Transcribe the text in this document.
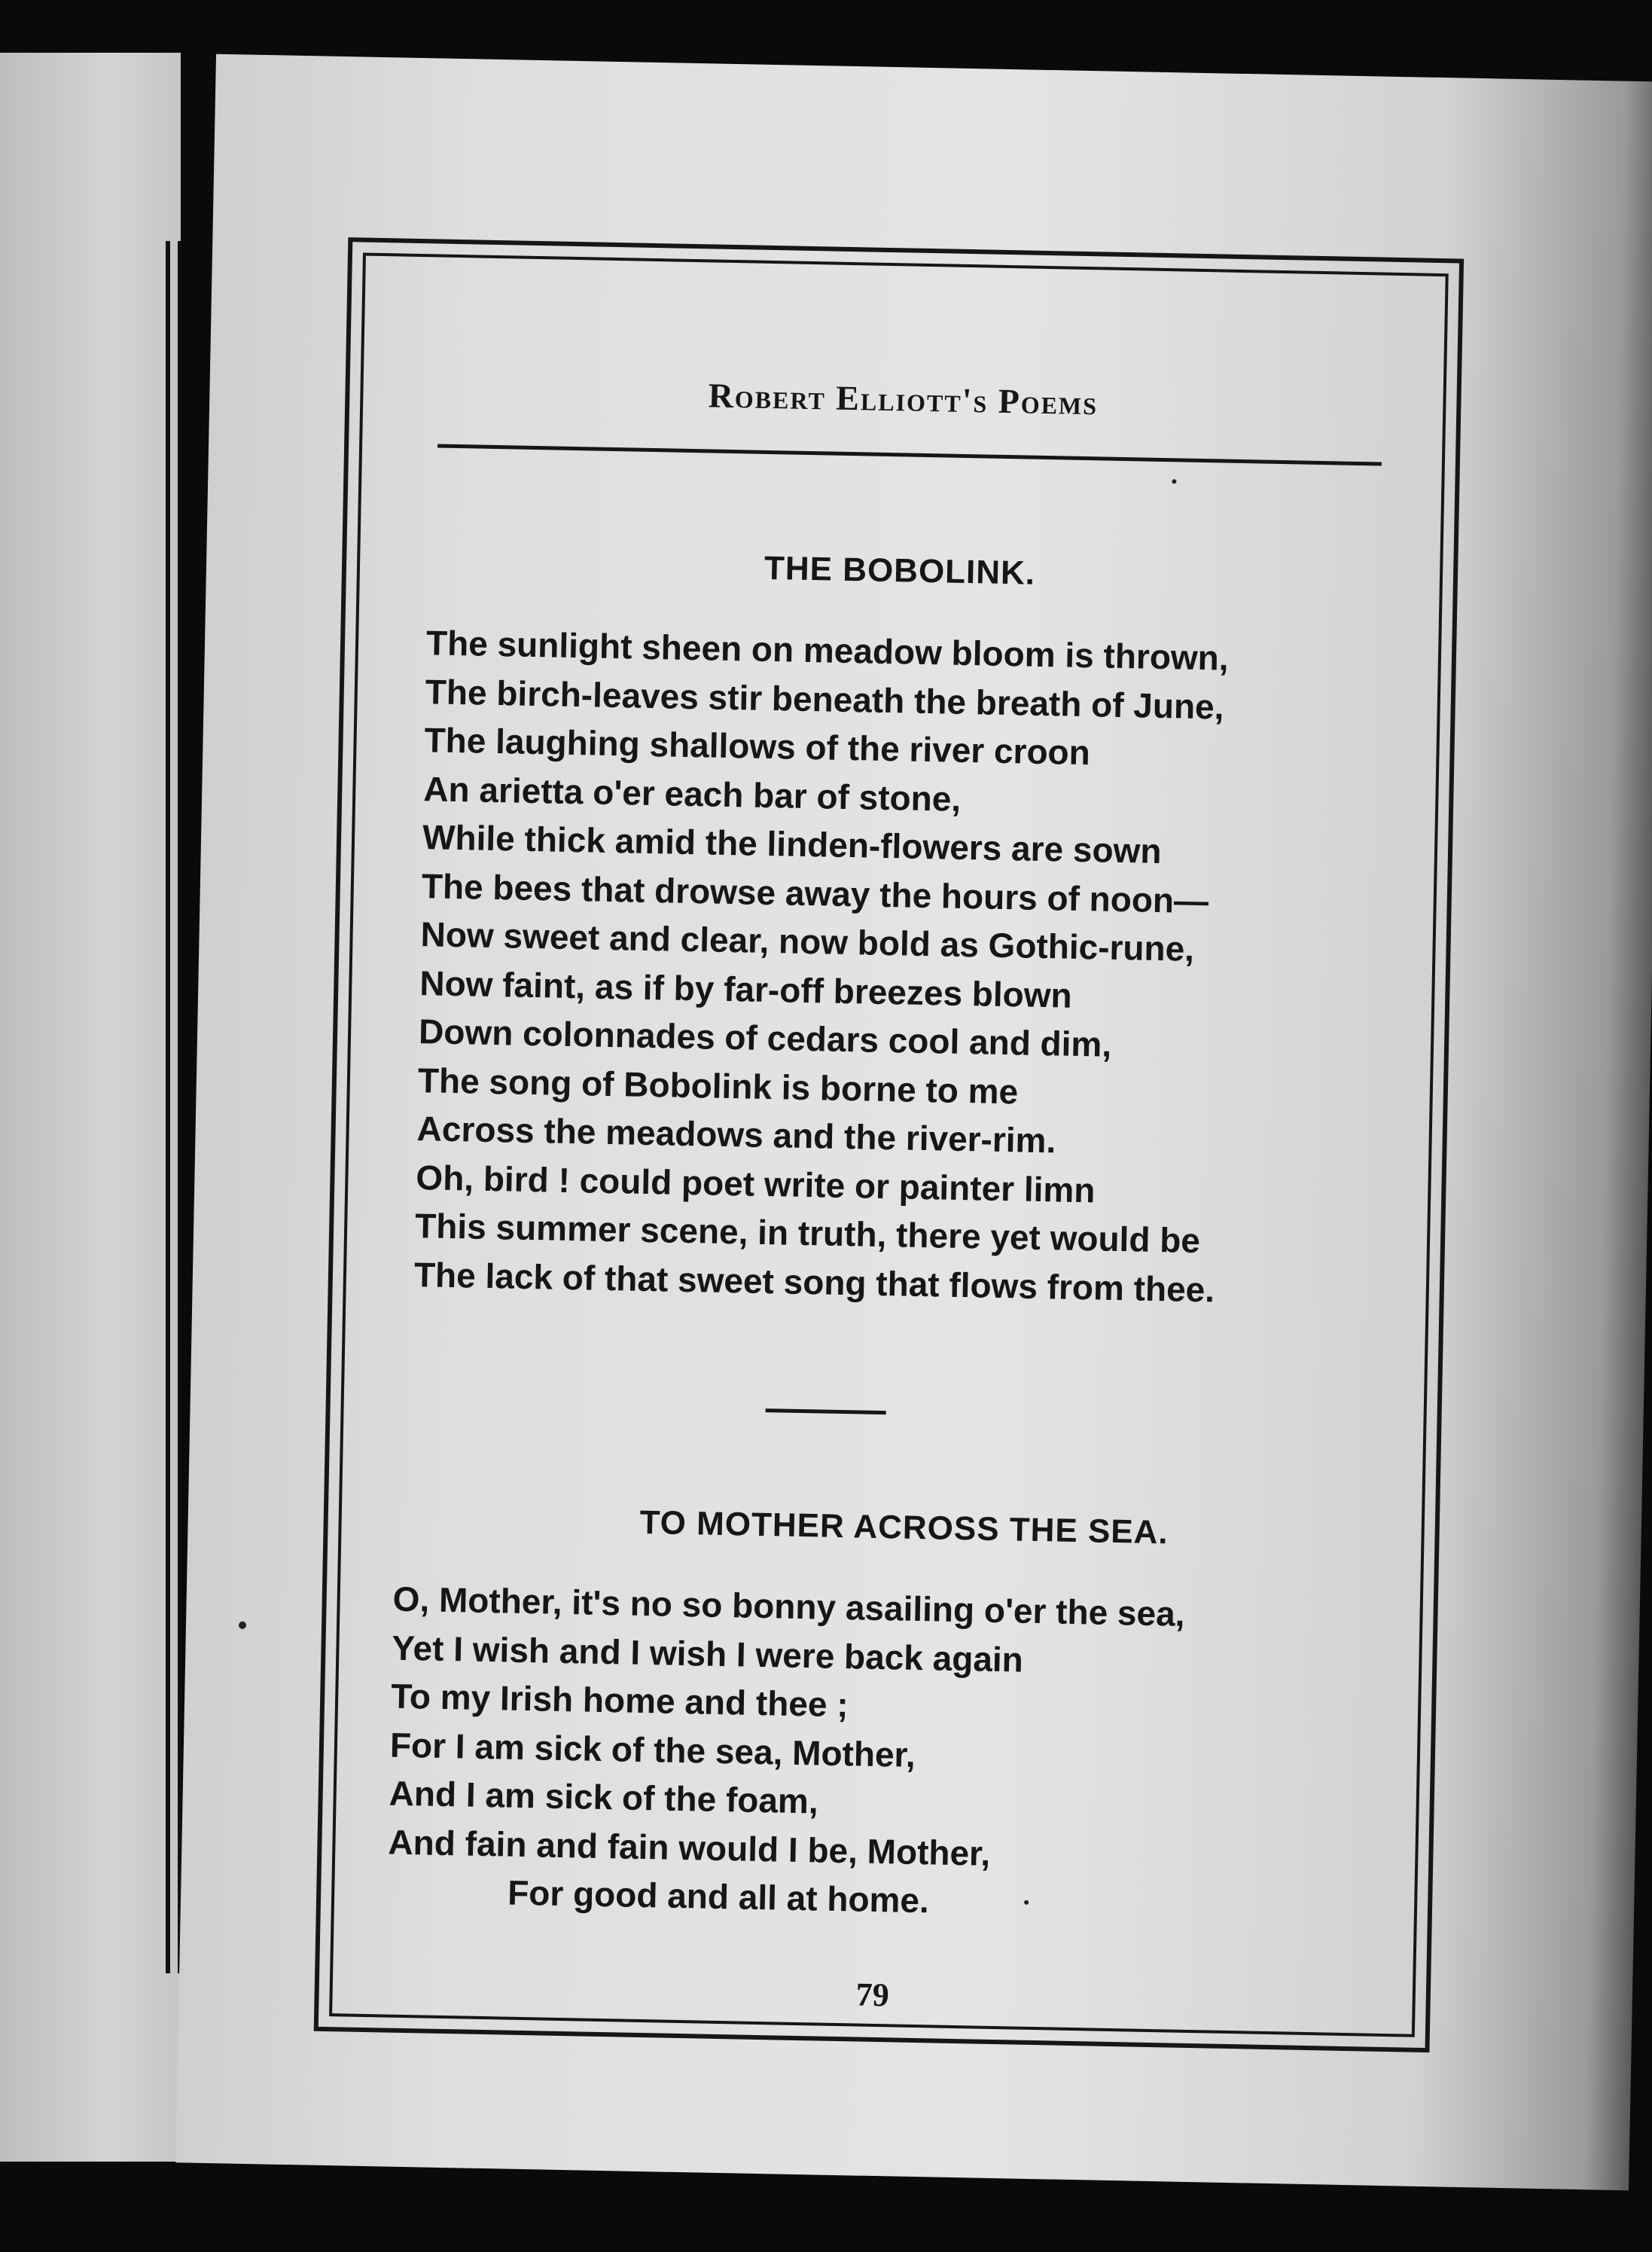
Robert Elliott's Poems
THE BOBOLINK.
The sunlight sheen on meadow bloom is thrown,
The birch-leaves stir beneath the breath of June,
The laughing shallows of the river croon
An arietta o'er each bar of stone,
While thick amid the linden-flowers are sown
The bees that drowse away the hours of noon—
Now sweet and clear, now bold as Gothic-rune,
Now faint, as if by far-off breezes blown
Down colonnades of cedars cool and dim,
The song of Bobolink is borne to me
Across the meadows and the river-rim.
Oh, bird ! could poet write or painter limn
This summer scene, in truth, there yet would be
The lack of that sweet song that flows from thee.
TO MOTHER ACROSS THE SEA.
O, Mother, it's no so bonny asailing o'er the sea,
Yet I wish and I wish I were back again
To my Irish home and thee ;
For I am sick of the sea, Mother,
And I am sick of the foam,
And fain and fain would I be, Mother,
For good and all at home.
79
